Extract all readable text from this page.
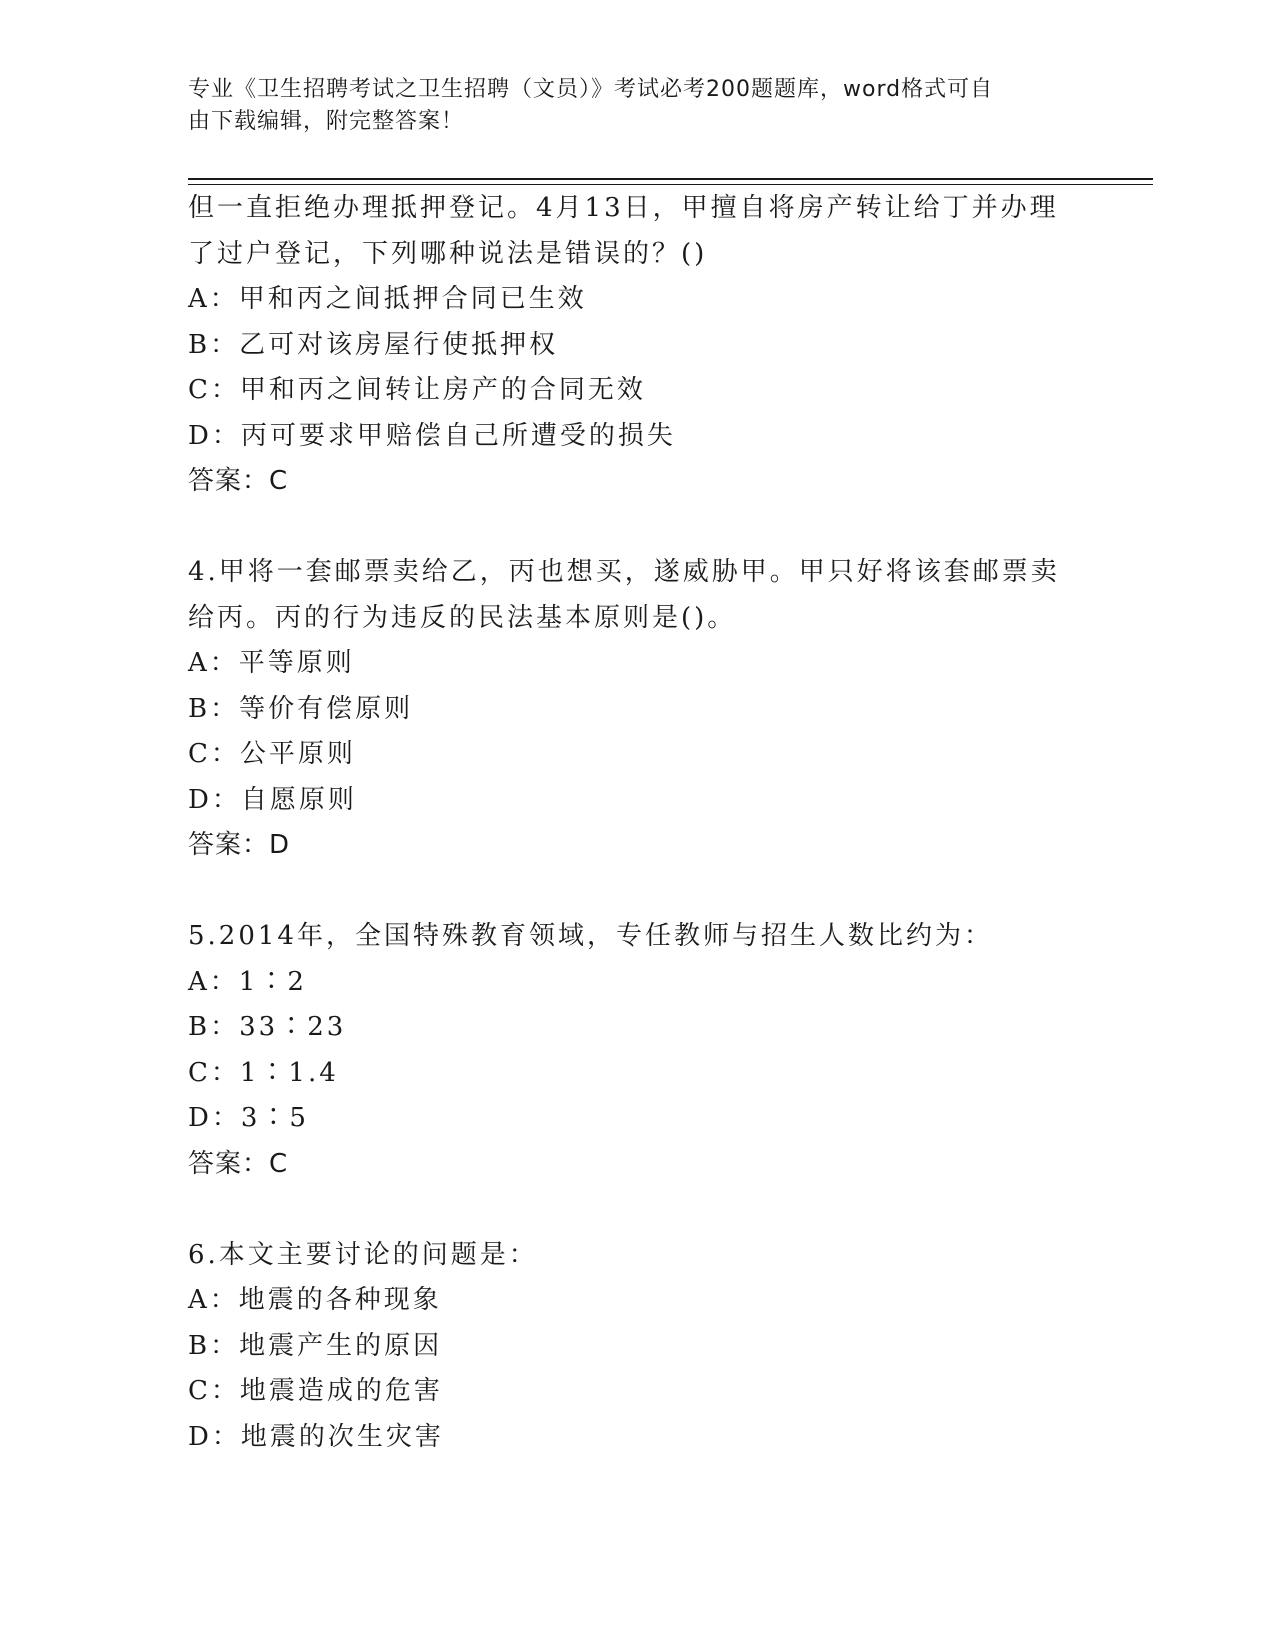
专业《卫生招聘考试之卫生招聘（文员）》考试必考200题题库，word格式可自
由下载编辑，附完整答案！
但一直拒绝办理抵押登记。4月13日，甲擅自将房产转让给丁并办理
了过户登记，下列哪种说法是错误的？()
A：甲和丙之间抵押合同已生效
B：乙可对该房屋行使抵押权
C：甲和丙之间转让房产的合同无效
D：丙可要求甲赔偿自己所遭受的损失
答案：C
4.甲将一套邮票卖给乙，丙也想买，遂威胁甲。甲只好将该套邮票卖
给丙。丙的行为违反的民法基本原则是()。
A：平等原则
B：等价有偿原则
C：公平原则
D：自愿原则
答案：D
5.2014年，全国特殊教育领域，专任教师与招生人数比约为：
A：1∶2
B：33∶23
C：1∶1.4
D：3∶5
答案：C
6.本文主要讨论的问题是：
A：地震的各种现象
B：地震产生的原因
C：地震造成的危害
D：地震的次生灾害
